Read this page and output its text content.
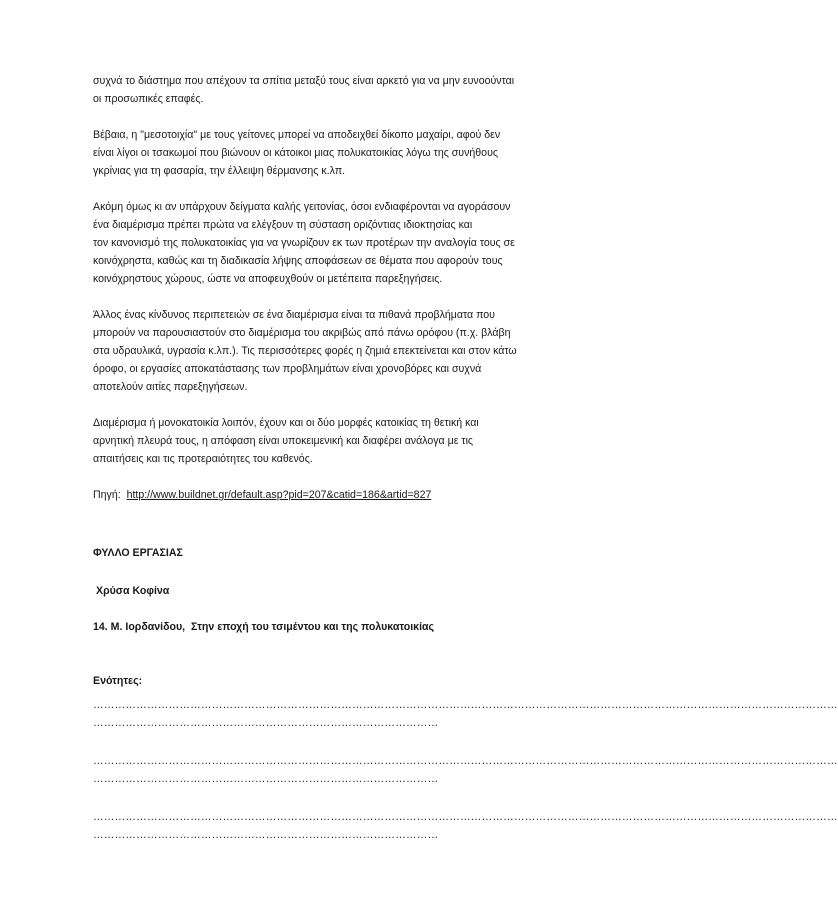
συχνά το διάστημα που απέχουν τα σπίτια μεταξύ τους είναι αρκετό για να μην ευνοούνται
οι προσωπικές επαφές.

Βέβαια, η "μεσοτοιχία" με τους γείτονες μπορεί να αποδειχθεί δίκοπο μαχαίρι, αφού δεν
είναι λίγοι οι τσακωμοί που βιώνουν οι κάτοικοι μιας πολυκατοικίας λόγω της συνήθους
γκρίνιας για τη φασαρία, την έλλειψη θέρμανσης κ.λπ.

Ακόμη όμως κι αν υπάρχουν δείγματα καλής γειτονίας, όσοι ενδιαφέρονται να αγοράσουν
ένα διαμέρισμα πρέπει πρώτα να ελέγξουν τη σύσταση οριζόντιας ιδιοκτησίας και
τον κανονισμό της πολυκατοικίας για να γνωρίζουν εκ των προτέρων την αναλογία τους σε
κοινόχρηστα, καθώς και τη διαδικασία λήψης αποφάσεων σε θέματα που αφορούν τους
κοινόχρηστους χώρους, ώστε να αποφευχθούν οι μετέπειτα παρεξηγήσεις.

Άλλος ένας κίνδυνος περιπετειών σε ένα διαμέρισμα είναι τα πιθανά προβλήματα που
μπορούν να παρουσιαστούν στο διαμέρισμα του ακριβώς από πάνω ορόφου (π.χ. βλάβη
στα υδραυλικά, υγρασία κ.λπ.). Τις περισσότερες φορές η ζημιά επεκτείνεται και στον κάτω
όροφο, οι εργασίες αποκατάστασης των προβλημάτων είναι χρονοβόρες και συχνά
αποτελούν αιτίες παρεξηγήσεων.

Διαμέρισμα ή μονοκατοικία λοιπόν, έχουν και οι δύο μορφές κατοικίας τη θετική και
αρνητική πλευρά τους, η απόφαση είναι υποκειμενική και διαφέρει ανάλογα με τις
απαιτήσεις και τις προτεραιότητες του καθενός.

Πηγή:  http://www.buildnet.gr/default.asp?pid=207&catid=186&artid=827
ΦΥΛΛΟ ΕΡΓΑΣΙΑΣ
Χρύσα Κοφίνα
14. Μ. Ιορδανίδου,  Στην εποχή του τσιμέντου και της πολυκατοικίας
Ενότητες:
………………………………………………………………………………………………………………………………………………………………………………………
……………………………………………………………………………………
………………………………………………………………………………………………………………………………………………………………………………………
……………………………………………………………………………………
………………………………………………………………………………………………………………………………………………………………………………………
……………………………………………………………………………………
